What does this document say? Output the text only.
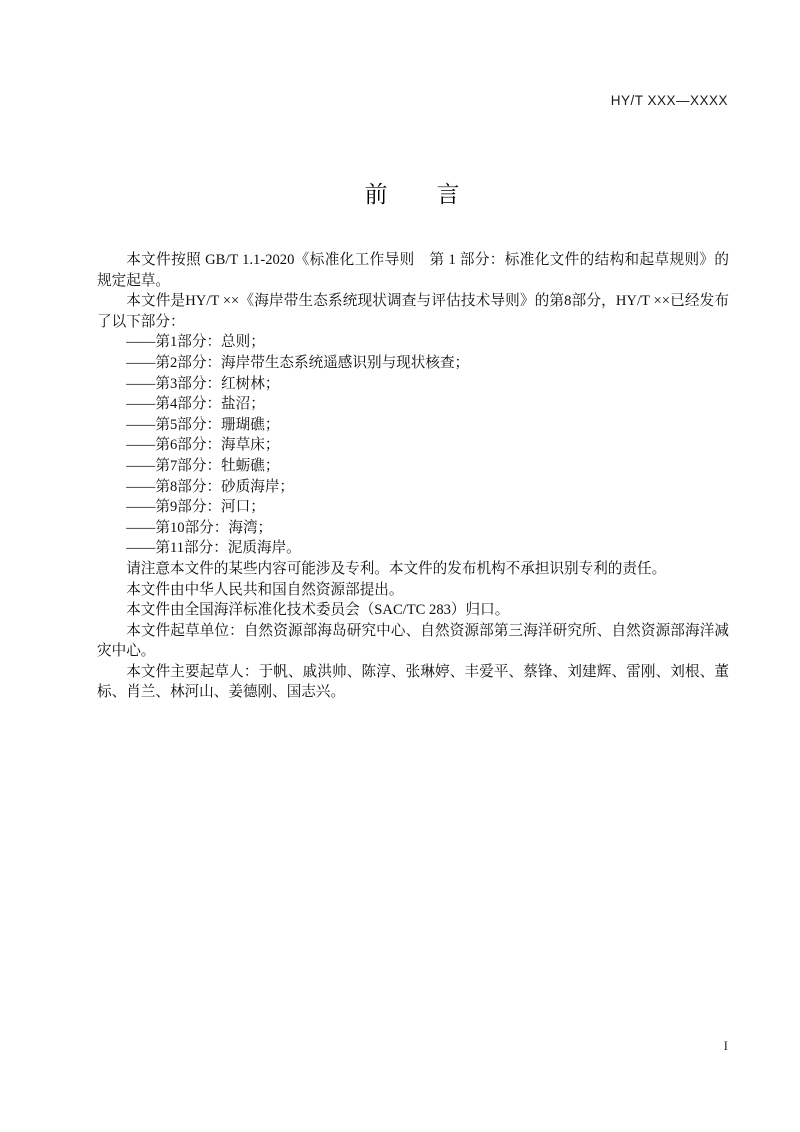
HY/T XXX—XXXX
前　　言

本文件按照 GB/T 1.1-2020《标准化工作导则　第 1 部分：标准化文件的结构和起草规则》的规定起草。

本文件是HY/T ××《海岸带生态系统现状调查与评估技术导则》的第8部分，HY/T ××已经发布了以下部分：

——第1部分：总则；

——第2部分：海岸带生态系统遥感识别与现状核查；

——第3部分：红树林；

——第4部分：盐沼；

——第5部分：珊瑚礁；

——第6部分：海草床；

——第7部分：牡蛎礁；

——第8部分：砂质海岸；

——第9部分：河口；

——第10部分：海湾；

——第11部分：泥质海岸。

请注意本文件的某些内容可能涉及专利。本文件的发布机构不承担识别专利的责任。

本文件由中华人民共和国自然资源部提出。

本文件由全国海洋标准化技术委员会（SAC/TC 283）归口。

本文件起草单位：自然资源部海岛研究中心、自然资源部第三海洋研究所、自然资源部海洋减灾中心。

本文件主要起草人：于帆、戚洪帅、陈淳、张琳婷、丰爱平、蔡锋、刘建辉、雷刚、刘根、董标、肖兰、林河山、姜德刚、国志兴。

I
